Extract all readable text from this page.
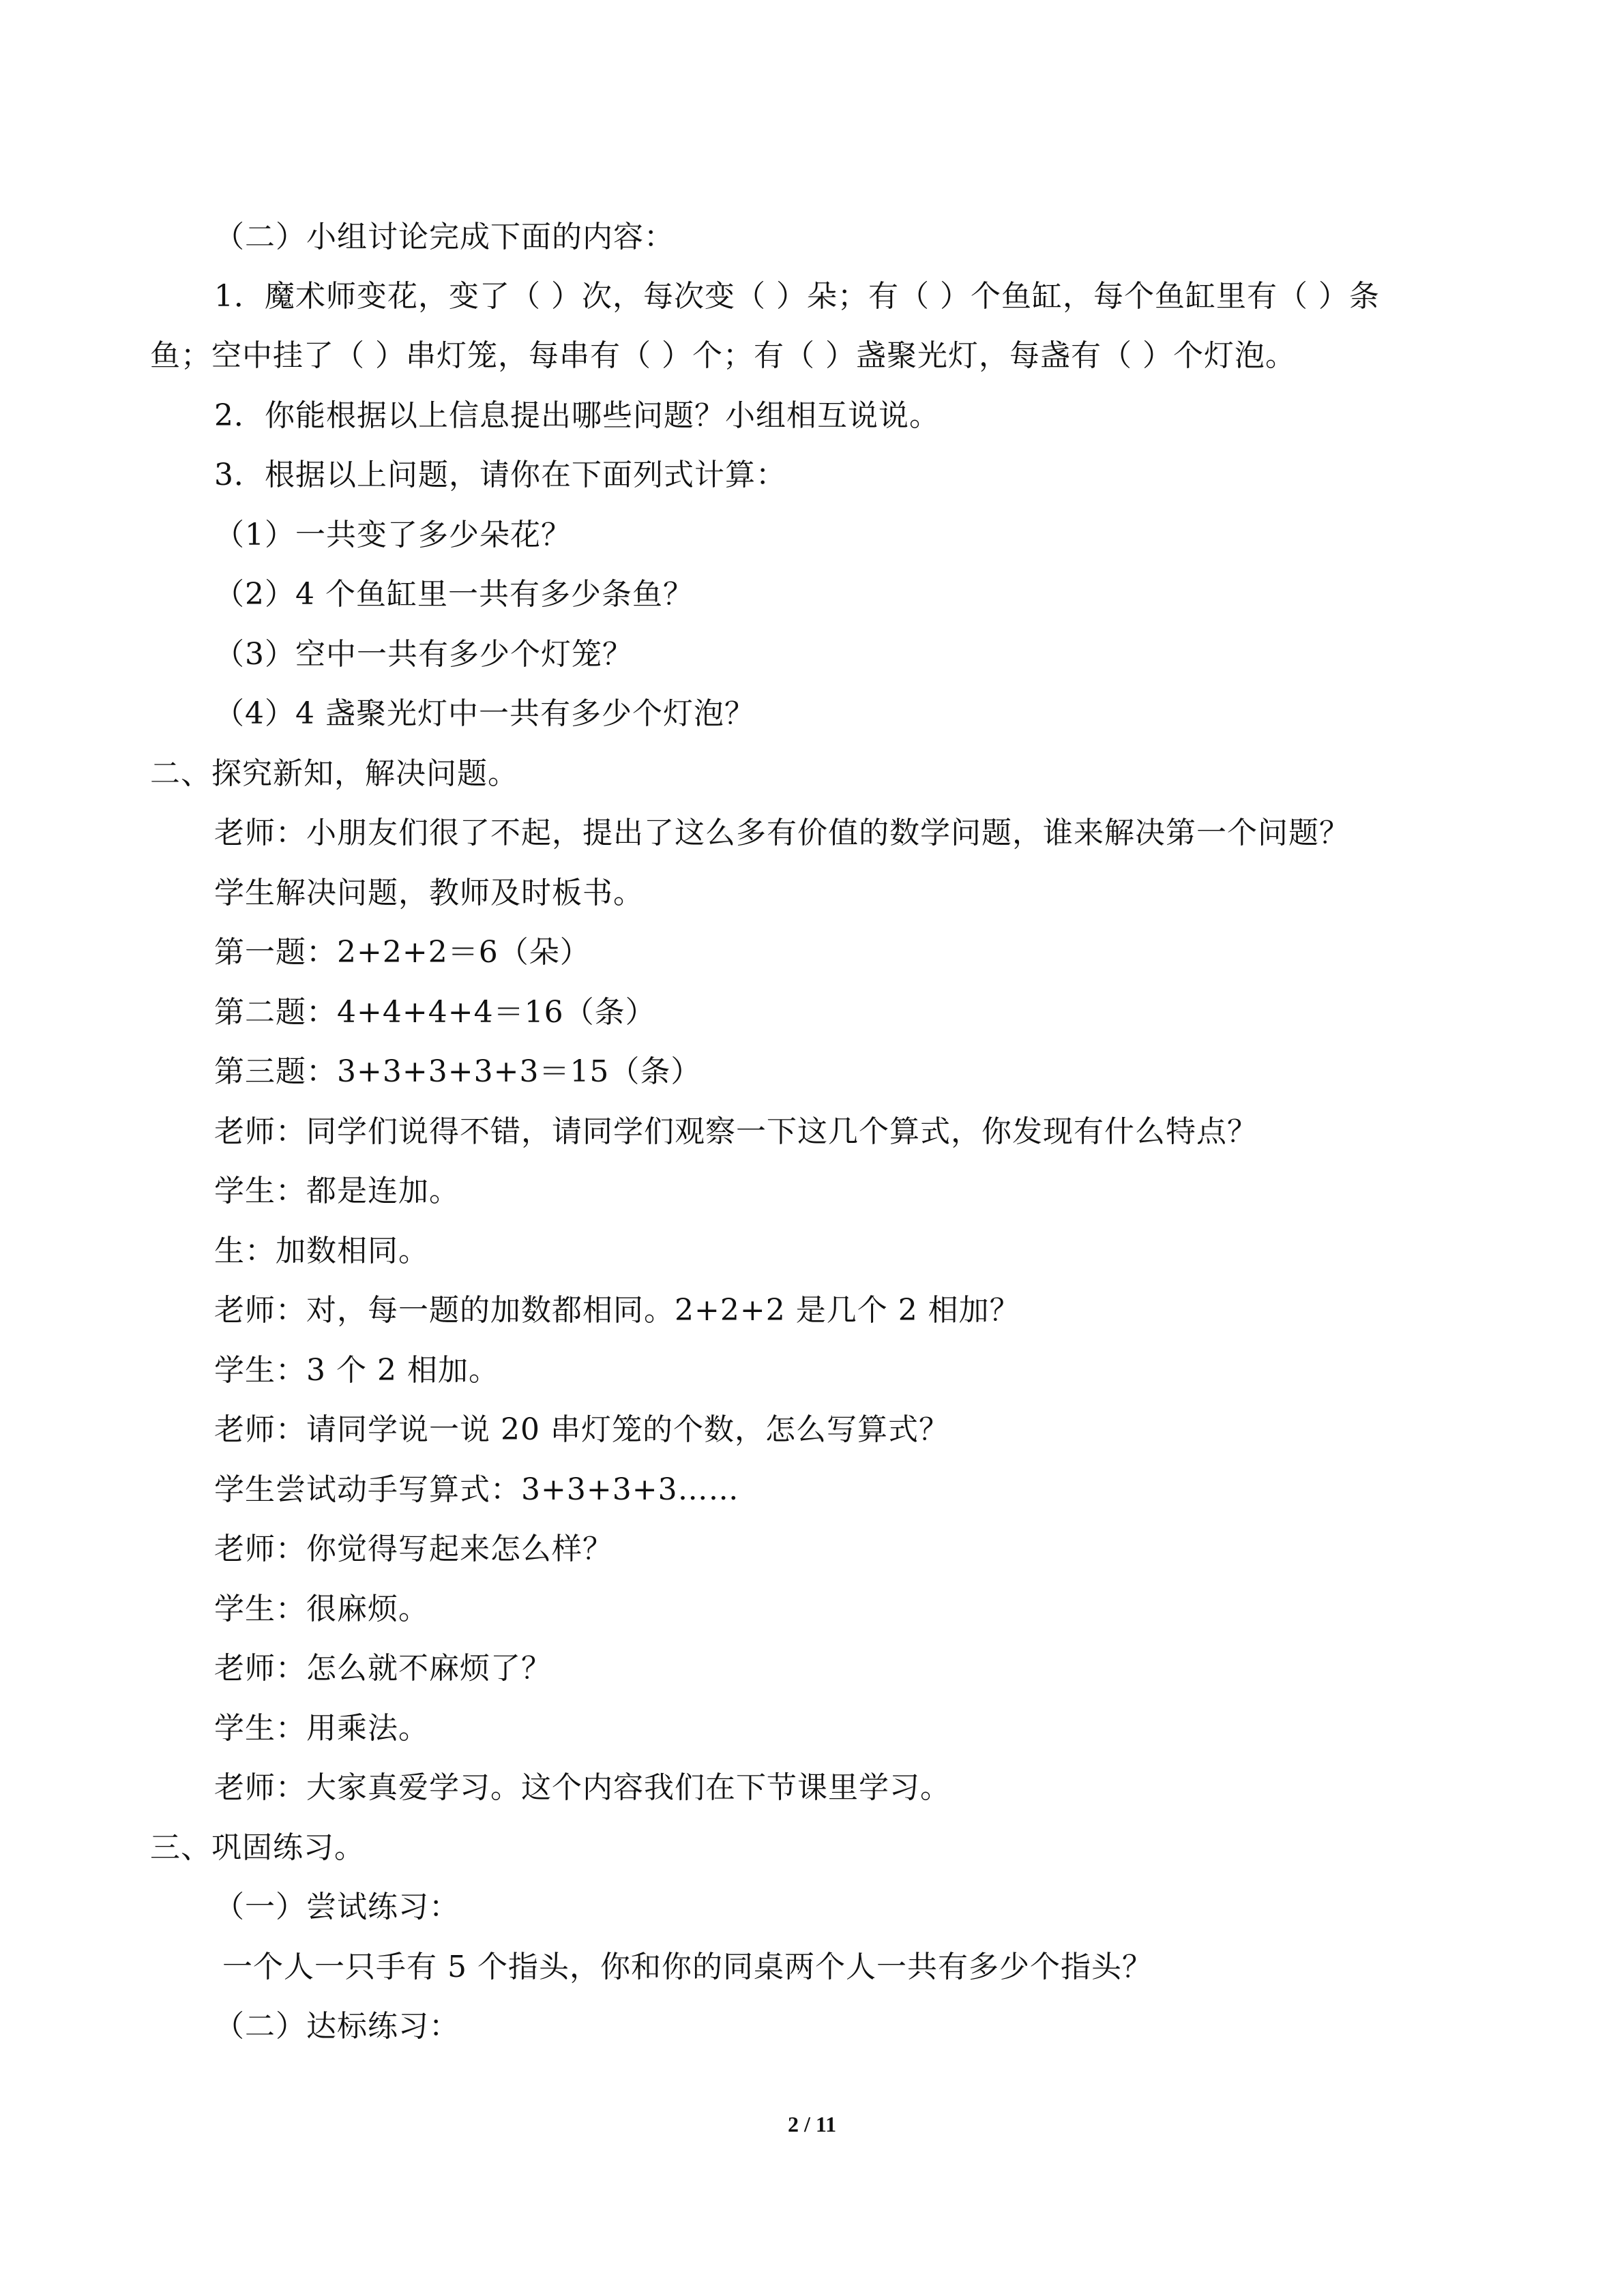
（二）小组讨论完成下面的内容：
1．魔术师变花，变了（ ）次，每次变（ ）朵；有（ ）个鱼缸，每个鱼缸里有（ ）条
鱼；空中挂了（ ）串灯笼，每串有（ ）个；有（ ）盏聚光灯，每盏有（ ）个灯泡。
2．你能根据以上信息提出哪些问题？小组相互说说。
3．根据以上问题，请你在下面列式计算：
（1）一共变了多少朵花？
（2）4 个鱼缸里一共有多少条鱼？
（3）空中一共有多少个灯笼？
（4）4 盏聚光灯中一共有多少个灯泡？
二、探究新知，解决问题。
老师：小朋友们很了不起，提出了这么多有价值的数学问题，谁来解决第一个问题？
学生解决问题，教师及时板书。
第一题：2+2+2＝6（朵）
第二题：4+4+4+4＝16（条）
第三题：3+3+3+3+3＝15（条）
老师：同学们说得不错，请同学们观察一下这几个算式，你发现有什么特点？
学生：都是连加。
生：加数相同。
老师：对，每一题的加数都相同。2+2+2 是几个 2 相加？
学生：3 个 2 相加。
老师：请同学说一说 20 串灯笼的个数，怎么写算式？
学生尝试动手写算式：3+3+3+3……
老师：你觉得写起来怎么样？
学生：很麻烦。
老师：怎么就不麻烦了？
学生：用乘法。
老师：大家真爱学习。这个内容我们在下节课里学习。
三、巩固练习。
（一）尝试练习：
一个人一只手有 5 个指头，你和你的同桌两个人一共有多少个指头？
（二）达标练习：
2 / 11
